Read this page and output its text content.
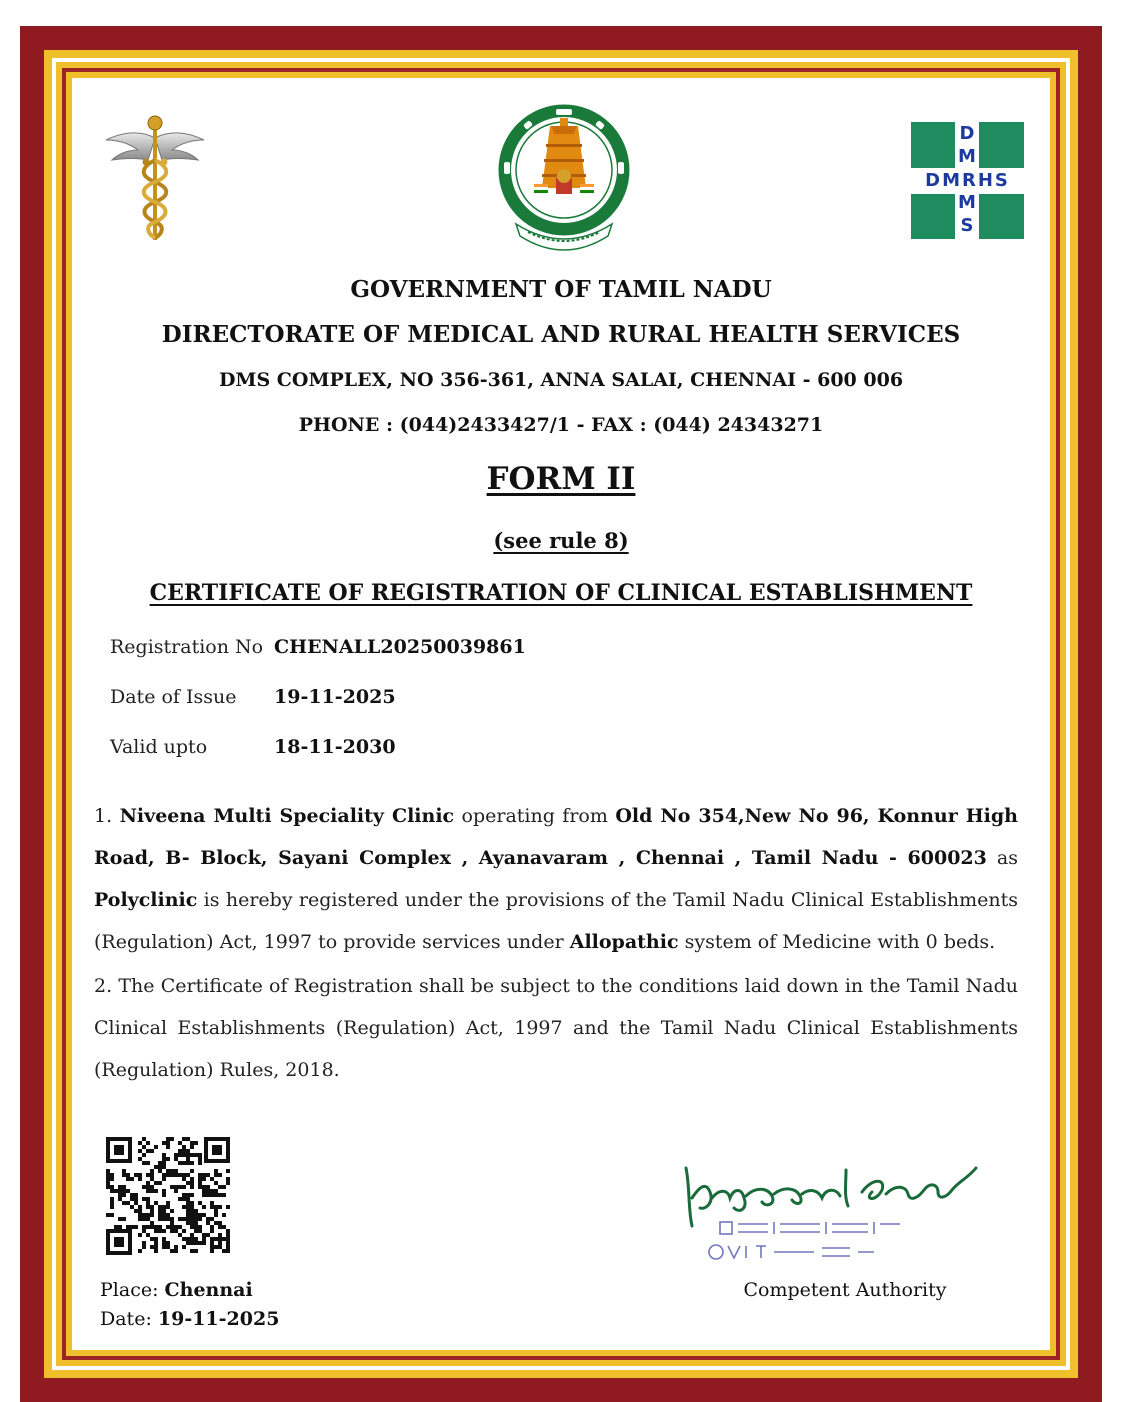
D
M
M
S
DMRHS

GOVERNMENT OF TAMIL NADU

DIRECTORATE OF MEDICAL AND RURAL HEALTH SERVICES

DMS COMPLEX, NO 356-361, ANNA SALAI, CHENNAI - 600 006

PHONE : (044)2433427/1 - FAX : (044) 24343271

FORM II

(see rule 8)

CERTIFICATE OF REGISTRATION OF CLINICAL ESTABLISHMENT

Registration No CHENALL20250039861
Date of Issue 19-11-2025
Valid upto	18-11-2030

1. Niveena Multi Speciality Clinic operating from Old No 354,New No 96, Konnur High Road, B- Block, Sayani Complex , Ayanavaram , Chennai , Tamil Nadu - 600023 as Polyclinic is hereby registered under the provisions of the Tamil Nadu Clinical Establishments (Regulation) Act, 1997 to provide services under Allopathic system of Medicine with 0 beds.

2. The Certificate of Registration shall be subject to the conditions laid down in the Tamil Nadu Clinical Establishments (Regulation) Act, 1997 and the Tamil Nadu Clinical Establishments (Regulation) Rules, 2018.

Place: Chennai
Date: 19-11-2025
Competent Authority
